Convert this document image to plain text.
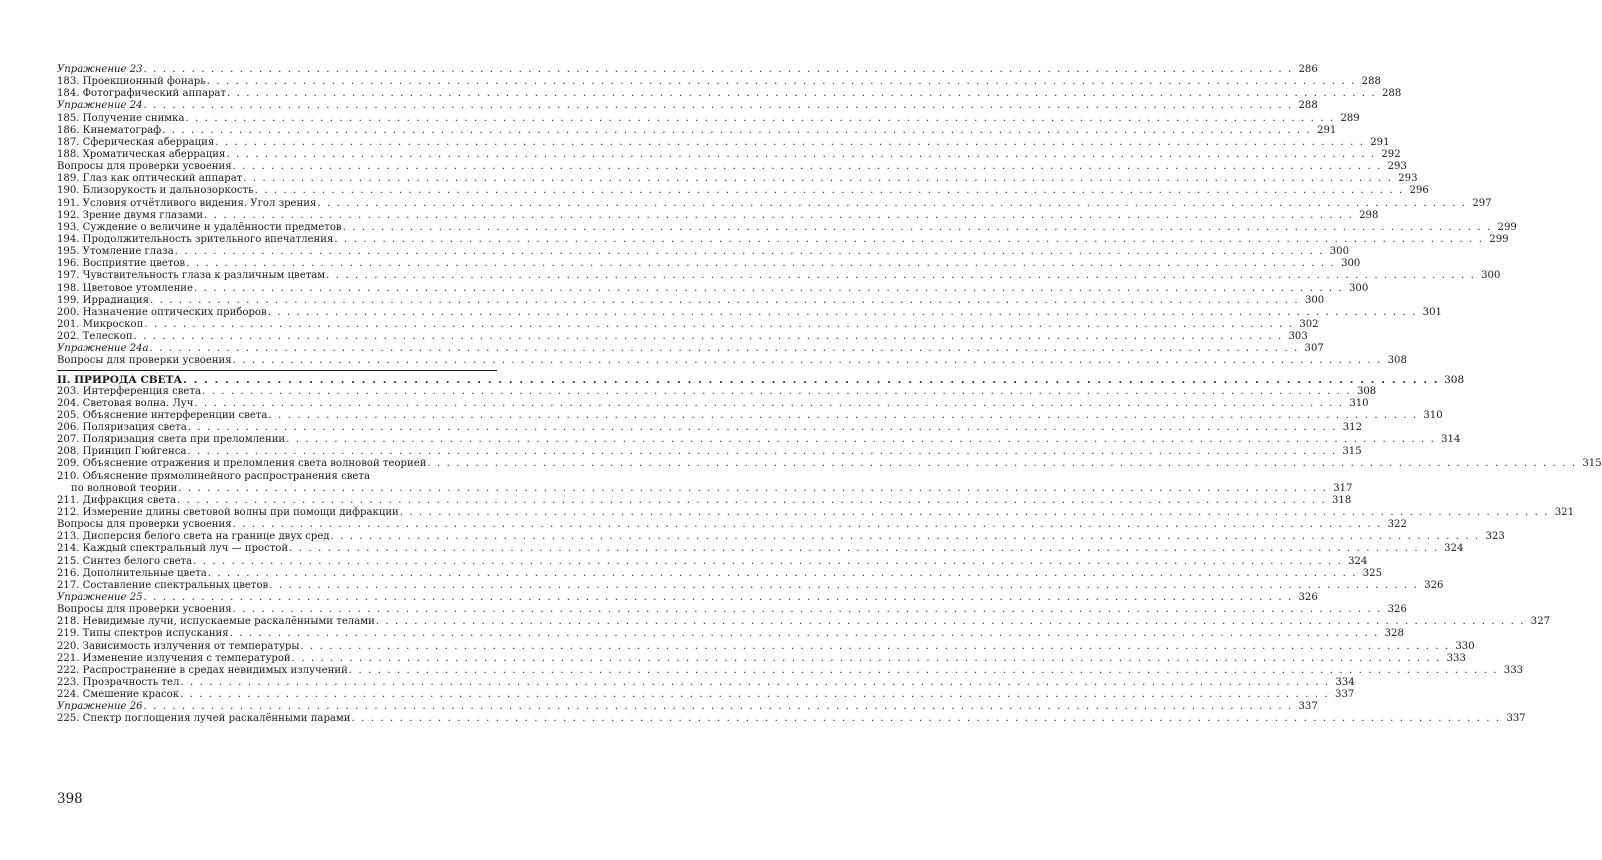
Упражнение 23 . . . . . . . . . . . . . . . . . . . . . . . . . . . . . . . . . . . . . . . . . . . . . . . . . . . . . . . . . . . . . . . . . . . . . . . . . . . . . . . . . . . . . . . . . . . . . . . . . . . . . . . . . . . . . . . . . . . . . . . . 286
183. Проекционный фонарь . . . . . . . . . . . . . . . . . . . . . . . . . . . . . . . . . . . . . . . . . . . . . . . . . . . . . . . . . . . . . . . . . . . . . . . . . . . . . . . . . . . . . . . . . . . . . . . . . . . . . . . . . . . . . . . . . . . . . . . . 288
184. Фотографический аппарат . . . . . . . . . . . . . . . . . . . . . . . . . . . . . . . . . . . . . . . . . . . . . . . . . . . . . . . . . . . . . . . . . . . . . . . . . . . . . . . . . . . . . . . . . . . . . . . . . . . . . . . . . . . . . . . . . . . . . . . . 288
Упражнение 24 . . . . . . . . . . . . . . . . . . . . . . . . . . . . . . . . . . . . . . . . . . . . . . . . . . . . . . . . . . . . . . . . . . . . . . . . . . . . . . . . . . . . . . . . . . . . . . . . . . . . . . . . . . . . . . . . . . . . . . . . 288
185. Получение снимка . . . . . . . . . . . . . . . . . . . . . . . . . . . . . . . . . . . . . . . . . . . . . . . . . . . . . . . . . . . . . . . . . . . . . . . . . . . . . . . . . . . . . . . . . . . . . . . . . . . . . . . . . . . . . . . . . . . . . . . . 289
186. Кинематограф . . . . . . . . . . . . . . . . . . . . . . . . . . . . . . . . . . . . . . . . . . . . . . . . . . . . . . . . . . . . . . . . . . . . . . . . . . . . . . . . . . . . . . . . . . . . . . . . . . . . . . . . . . . . . . . . . . . . . . . . 291
187. Сферическая аберрация . . . . . . . . . . . . . . . . . . . . . . . . . . . . . . . . . . . . . . . . . . . . . . . . . . . . . . . . . . . . . . . . . . . . . . . . . . . . . . . . . . . . . . . . . . . . . . . . . . . . . . . . . . . . . . . . . . . . . . . . 291
188. Хроматическая аберрация . . . . . . . . . . . . . . . . . . . . . . . . . . . . . . . . . . . . . . . . . . . . . . . . . . . . . . . . . . . . . . . . . . . . . . . . . . . . . . . . . . . . . . . . . . . . . . . . . . . . . . . . . . . . . . . . . . . . . . . . 292
Вопросы для проверки усвоения . . . . . . . . . . . . . . . . . . . . . . . . . . . . . . . . . . . . . . . . . . . . . . . . . . . . . . . . . . . . . . . . . . . . . . . . . . . . . . . . . . . . . . . . . . . . . . . . . . . . . . . . . . . . . . . . . . . . . . . . 293
189. Глаз как оптический аппарат . . . . . . . . . . . . . . . . . . . . . . . . . . . . . . . . . . . . . . . . . . . . . . . . . . . . . . . . . . . . . . . . . . . . . . . . . . . . . . . . . . . . . . . . . . . . . . . . . . . . . . . . . . . . . . . . . . . . . . . . 293
190. Близорукость и дальнозоркость . . . . . . . . . . . . . . . . . . . . . . . . . . . . . . . . . . . . . . . . . . . . . . . . . . . . . . . . . . . . . . . . . . . . . . . . . . . . . . . . . . . . . . . . . . . . . . . . . . . . . . . . . . . . . . . . . . . . . . . . 296
191. Условия отчётливого видения. Угол зрения . . . . . . . . . . . . . . . . . . . . . . . . . . . . . . . . . . . . . . . . . . . . . . . . . . . . . . . . . . . . . . . . . . . . . . . . . . . . . . . . . . . . . . . . . . . . . . . . . . . . . . . . . . . . . . . . . . . . . . . . 297
192. Зрение двумя глазами . . . . . . . . . . . . . . . . . . . . . . . . . . . . . . . . . . . . . . . . . . . . . . . . . . . . . . . . . . . . . . . . . . . . . . . . . . . . . . . . . . . . . . . . . . . . . . . . . . . . . . . . . . . . . . . . . . . . . . . . 298
193. Суждение о величине и удалённости предметов . . . . . . . . . . . . . . . . . . . . . . . . . . . . . . . . . . . . . . . . . . . . . . . . . . . . . . . . . . . . . . . . . . . . . . . . . . . . . . . . . . . . . . . . . . . . . . . . . . . . . . . . . . . . . . . . . . . . . . . . 299
194. Продолжительность зрительного впечатления . . . . . . . . . . . . . . . . . . . . . . . . . . . . . . . . . . . . . . . . . . . . . . . . . . . . . . . . . . . . . . . . . . . . . . . . . . . . . . . . . . . . . . . . . . . . . . . . . . . . . . . . . . . . . . . . . . . . . . . . 299
195. Утомление глаза . . . . . . . . . . . . . . . . . . . . . . . . . . . . . . . . . . . . . . . . . . . . . . . . . . . . . . . . . . . . . . . . . . . . . . . . . . . . . . . . . . . . . . . . . . . . . . . . . . . . . . . . . . . . . . . . . . . . . . . . 300
196. Восприятие цветов . . . . . . . . . . . . . . . . . . . . . . . . . . . . . . . . . . . . . . . . . . . . . . . . . . . . . . . . . . . . . . . . . . . . . . . . . . . . . . . . . . . . . . . . . . . . . . . . . . . . . . . . . . . . . . . . . . . . . . . . 300
197. Чувствительность глаза к различным цветам . . . . . . . . . . . . . . . . . . . . . . . . . . . . . . . . . . . . . . . . . . . . . . . . . . . . . . . . . . . . . . . . . . . . . . . . . . . . . . . . . . . . . . . . . . . . . . . . . . . . . . . . . . . . . . . . . . . . . . . . 300
198. Цветовое утомление . . . . . . . . . . . . . . . . . . . . . . . . . . . . . . . . . . . . . . . . . . . . . . . . . . . . . . . . . . . . . . . . . . . . . . . . . . . . . . . . . . . . . . . . . . . . . . . . . . . . . . . . . . . . . . . . . . . . . . . . 300
199. Иррадиация . . . . . . . . . . . . . . . . . . . . . . . . . . . . . . . . . . . . . . . . . . . . . . . . . . . . . . . . . . . . . . . . . . . . . . . . . . . . . . . . . . . . . . . . . . . . . . . . . . . . . . . . . . . . . . . . . . . . . . . . 300
200. Назначение оптических приборов . . . . . . . . . . . . . . . . . . . . . . . . . . . . . . . . . . . . . . . . . . . . . . . . . . . . . . . . . . . . . . . . . . . . . . . . . . . . . . . . . . . . . . . . . . . . . . . . . . . . . . . . . . . . . . . . . . . . . . . . 301
201. Микроскоп . . . . . . . . . . . . . . . . . . . . . . . . . . . . . . . . . . . . . . . . . . . . . . . . . . . . . . . . . . . . . . . . . . . . . . . . . . . . . . . . . . . . . . . . . . . . . . . . . . . . . . . . . . . . . . . . . . . . . . . . 302
202. Телескоп . . . . . . . . . . . . . . . . . . . . . . . . . . . . . . . . . . . . . . . . . . . . . . . . . . . . . . . . . . . . . . . . . . . . . . . . . . . . . . . . . . . . . . . . . . . . . . . . . . . . . . . . . . . . . . . . . . . . . . . . 303
Упражнение 24а . . . . . . . . . . . . . . . . . . . . . . . . . . . . . . . . . . . . . . . . . . . . . . . . . . . . . . . . . . . . . . . . . . . . . . . . . . . . . . . . . . . . . . . . . . . . . . . . . . . . . . . . . . . . . . . . . . . . . . . . 307
Вопросы для проверки усвоения . . . . . . . . . . . . . . . . . . . . . . . . . . . . . . . . . . . . . . . . . . . . . . . . . . . . . . . . . . . . . . . . . . . . . . . . . . . . . . . . . . . . . . . . . . . . . . . . . . . . . . . . . . . . . . . . . . . . . . . . 308
II. ПРИРОДА СВЕТА . . . . . . . . . . . . . . . . . . . . . . . . . . . . . . . . . . . . . . . . . . . . . . . . . . . . . . . . . . . . . . . . . . . . . . . . . . . . . . . . . . . . . . . . . . . . . . . . . . . . . . . . . . . . . . . . . . . . . . . . 308
203. Интерференция света . . . . . . . . . . . . . . . . . . . . . . . . . . . . . . . . . . . . . . . . . . . . . . . . . . . . . . . . . . . . . . . . . . . . . . . . . . . . . . . . . . . . . . . . . . . . . . . . . . . . . . . . . . . . . . . . . . . . . . . . 308
204. Световая волна. Луч . . . . . . . . . . . . . . . . . . . . . . . . . . . . . . . . . . . . . . . . . . . . . . . . . . . . . . . . . . . . . . . . . . . . . . . . . . . . . . . . . . . . . . . . . . . . . . . . . . . . . . . . . . . . . . . . . . . . . . . . 310
205. Объяснение интерференции света . . . . . . . . . . . . . . . . . . . . . . . . . . . . . . . . . . . . . . . . . . . . . . . . . . . . . . . . . . . . . . . . . . . . . . . . . . . . . . . . . . . . . . . . . . . . . . . . . . . . . . . . . . . . . . . . . . . . . . . . 310
206. Поляризация света . . . . . . . . . . . . . . . . . . . . . . . . . . . . . . . . . . . . . . . . . . . . . . . . . . . . . . . . . . . . . . . . . . . . . . . . . . . . . . . . . . . . . . . . . . . . . . . . . . . . . . . . . . . . . . . . . . . . . . . . 312
207. Поляризация света при преломлении . . . . . . . . . . . . . . . . . . . . . . . . . . . . . . . . . . . . . . . . . . . . . . . . . . . . . . . . . . . . . . . . . . . . . . . . . . . . . . . . . . . . . . . . . . . . . . . . . . . . . . . . . . . . . . . . . . . . . . . . 314
208. Принцип Гюйгенса . . . . . . . . . . . . . . . . . . . . . . . . . . . . . . . . . . . . . . . . . . . . . . . . . . . . . . . . . . . . . . . . . . . . . . . . . . . . . . . . . . . . . . . . . . . . . . . . . . . . . . . . . . . . . . . . . . . . . . . . 315
209. Объяснение отражения и преломления света волновой теорией . . . . . . . . . . . . . . . . . . . . . . . . . . . . . . . . . . . . . . . . . . . . . . . . . . . . . . . . . . . . . . . . . . . . . . . . . . . . . . . . . . . . . . . . . . . . . . . . . . . . . . . . . . . . . . . . . . . . . . . . 315
210. Объяснение прямолинейного распространения света
по волновой теории . . . . . . . . . . . . . . . . . . . . . . . . . . . . . . . . . . . . . . . . . . . . . . . . . . . . . . . . . . . . . . . . . . . . . . . . . . . . . . . . . . . . . . . . . . . . . . . . . . . . . . . . . . . . . . . . . . . . . . . . 317
211. Дифракция света . . . . . . . . . . . . . . . . . . . . . . . . . . . . . . . . . . . . . . . . . . . . . . . . . . . . . . . . . . . . . . . . . . . . . . . . . . . . . . . . . . . . . . . . . . . . . . . . . . . . . . . . . . . . . . . . . . . . . . . . 318
212. Измерение длины световой волны при помощи дифракции . . . . . . . . . . . . . . . . . . . . . . . . . . . . . . . . . . . . . . . . . . . . . . . . . . . . . . . . . . . . . . . . . . . . . . . . . . . . . . . . . . . . . . . . . . . . . . . . . . . . . . . . . . . . . . . . . . . . . . . . 321
Вопросы для проверки усвоения . . . . . . . . . . . . . . . . . . . . . . . . . . . . . . . . . . . . . . . . . . . . . . . . . . . . . . . . . . . . . . . . . . . . . . . . . . . . . . . . . . . . . . . . . . . . . . . . . . . . . . . . . . . . . . . . . . . . . . . . 322
213. Дисперсия белого света на границе двух сред . . . . . . . . . . . . . . . . . . . . . . . . . . . . . . . . . . . . . . . . . . . . . . . . . . . . . . . . . . . . . . . . . . . . . . . . . . . . . . . . . . . . . . . . . . . . . . . . . . . . . . . . . . . . . . . . . . . . . . . . 323
214. Каждый спектральный луч — простой . . . . . . . . . . . . . . . . . . . . . . . . . . . . . . . . . . . . . . . . . . . . . . . . . . . . . . . . . . . . . . . . . . . . . . . . . . . . . . . . . . . . . . . . . . . . . . . . . . . . . . . . . . . . . . . . . . . . . . . . 324
215. Синтез белого света . . . . . . . . . . . . . . . . . . . . . . . . . . . . . . . . . . . . . . . . . . . . . . . . . . . . . . . . . . . . . . . . . . . . . . . . . . . . . . . . . . . . . . . . . . . . . . . . . . . . . . . . . . . . . . . . . . . . . . . . 324
216. Дополнительные цвета . . . . . . . . . . . . . . . . . . . . . . . . . . . . . . . . . . . . . . . . . . . . . . . . . . . . . . . . . . . . . . . . . . . . . . . . . . . . . . . . . . . . . . . . . . . . . . . . . . . . . . . . . . . . . . . . . . . . . . . . 325
217. Составление спектральных цветов . . . . . . . . . . . . . . . . . . . . . . . . . . . . . . . . . . . . . . . . . . . . . . . . . . . . . . . . . . . . . . . . . . . . . . . . . . . . . . . . . . . . . . . . . . . . . . . . . . . . . . . . . . . . . . . . . . . . . . . . 326
Упражнение 25 . . . . . . . . . . . . . . . . . . . . . . . . . . . . . . . . . . . . . . . . . . . . . . . . . . . . . . . . . . . . . . . . . . . . . . . . . . . . . . . . . . . . . . . . . . . . . . . . . . . . . . . . . . . . . . . . . . . . . . . . 326
Вопросы для проверки усвоения . . . . . . . . . . . . . . . . . . . . . . . . . . . . . . . . . . . . . . . . . . . . . . . . . . . . . . . . . . . . . . . . . . . . . . . . . . . . . . . . . . . . . . . . . . . . . . . . . . . . . . . . . . . . . . . . . . . . . . . . 326
218. Невидимые лучи, испускаемые раскалёнными телами . . . . . . . . . . . . . . . . . . . . . . . . . . . . . . . . . . . . . . . . . . . . . . . . . . . . . . . . . . . . . . . . . . . . . . . . . . . . . . . . . . . . . . . . . . . . . . . . . . . . . . . . . . . . . . . . . . . . . . . . 327
219. Типы спектров испускания . . . . . . . . . . . . . . . . . . . . . . . . . . . . . . . . . . . . . . . . . . . . . . . . . . . . . . . . . . . . . . . . . . . . . . . . . . . . . . . . . . . . . . . . . . . . . . . . . . . . . . . . . . . . . . . . . . . . . . . . 328
220. Зависимость излучения от температуры . . . . . . . . . . . . . . . . . . . . . . . . . . . . . . . . . . . . . . . . . . . . . . . . . . . . . . . . . . . . . . . . . . . . . . . . . . . . . . . . . . . . . . . . . . . . . . . . . . . . . . . . . . . . . . . . . . . . . . . . 330
221. Изменение излучения с температурой . . . . . . . . . . . . . . . . . . . . . . . . . . . . . . . . . . . . . . . . . . . . . . . . . . . . . . . . . . . . . . . . . . . . . . . . . . . . . . . . . . . . . . . . . . . . . . . . . . . . . . . . . . . . . . . . . . . . . . . . 333
222. Распространение в средах невидимых излучений . . . . . . . . . . . . . . . . . . . . . . . . . . . . . . . . . . . . . . . . . . . . . . . . . . . . . . . . . . . . . . . . . . . . . . . . . . . . . . . . . . . . . . . . . . . . . . . . . . . . . . . . . . . . . . . . . . . . . . . . 333
223. Прозрачность тел . . . . . . . . . . . . . . . . . . . . . . . . . . . . . . . . . . . . . . . . . . . . . . . . . . . . . . . . . . . . . . . . . . . . . . . . . . . . . . . . . . . . . . . . . . . . . . . . . . . . . . . . . . . . . . . . . . . . . . . . 334
224. Смешение красок . . . . . . . . . . . . . . . . . . . . . . . . . . . . . . . . . . . . . . . . . . . . . . . . . . . . . . . . . . . . . . . . . . . . . . . . . . . . . . . . . . . . . . . . . . . . . . . . . . . . . . . . . . . . . . . . . . . . . . . . 337
Упражнение 26 . . . . . . . . . . . . . . . . . . . . . . . . . . . . . . . . . . . . . . . . . . . . . . . . . . . . . . . . . . . . . . . . . . . . . . . . . . . . . . . . . . . . . . . . . . . . . . . . . . . . . . . . . . . . . . . . . . . . . . . . 337
225. Спектр поглощения лучей раскалёнными парами . . . . . . . . . . . . . . . . . . . . . . . . . . . . . . . . . . . . . . . . . . . . . . . . . . . . . . . . . . . . . . . . . . . . . . . . . . . . . . . . . . . . . . . . . . . . . . . . . . . . . . . . . . . . . . . . . . . . . . . . 337
398
